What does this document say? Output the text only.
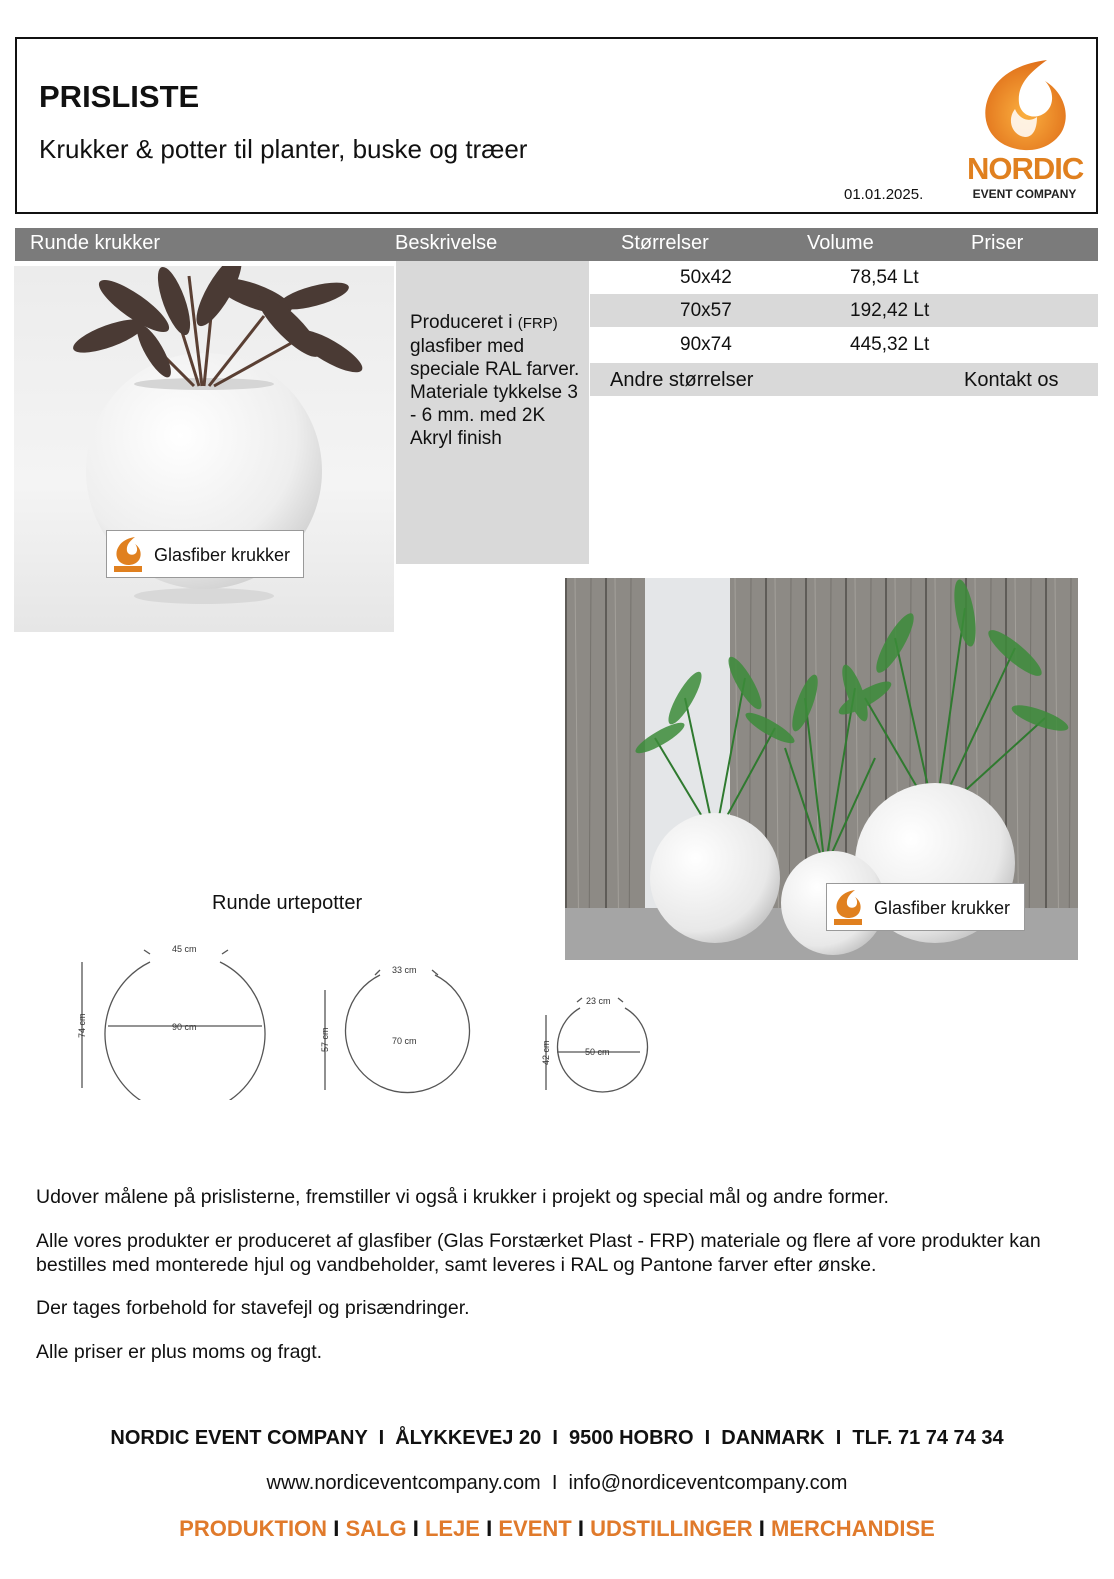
PRISLISTE
Krukker & potter til planter, buske og træer
01.01.2025.
NORDIC
EVENT COMPANY
Runde krukker	Beskrivelse	Størrelser	Volume	Priser
Glasfiber krukker
Produceret i (FRP) glasfiber med speciale RAL farver. Materiale tykkelse 3 - 6 mm. med 2K Akryl finish
50x42	78,54 Lt
70x57	192,42 Lt
90x74	445,32 Lt
Andre størrelser	Kontakt os
Glasfiber krukker
Runde urtepotter
45 cm
90 cm
74 cm
33 cm
70 cm
57 cm
23 cm
50 cm
42 cm
Udover målene på prislisterne, fremstiller vi også i krukker i projekt og special mål og andre former.
Alle vores produkter er produceret af glasfiber (Glas Forstærket Plast - FRP) materiale og flere af vore produkter kan bestilles med monterede hjul og vandbeholder, samt leveres i RAL og Pantone farver efter ønske.
Der tages forbehold for stavefejl og prisændringer.
Alle priser er plus moms og fragt.
NORDIC EVENT COMPANY  I  ÅLYKKEVEJ 20  I  9500 HOBRO  I  DANMARK  I  TLF. 71 74 74 34
www.nordiceventcompany.com  I  info@nordiceventcompany.com
PRODUKTION I SALG I LEJE I EVENT I UDSTILLINGER I MERCHANDISE
